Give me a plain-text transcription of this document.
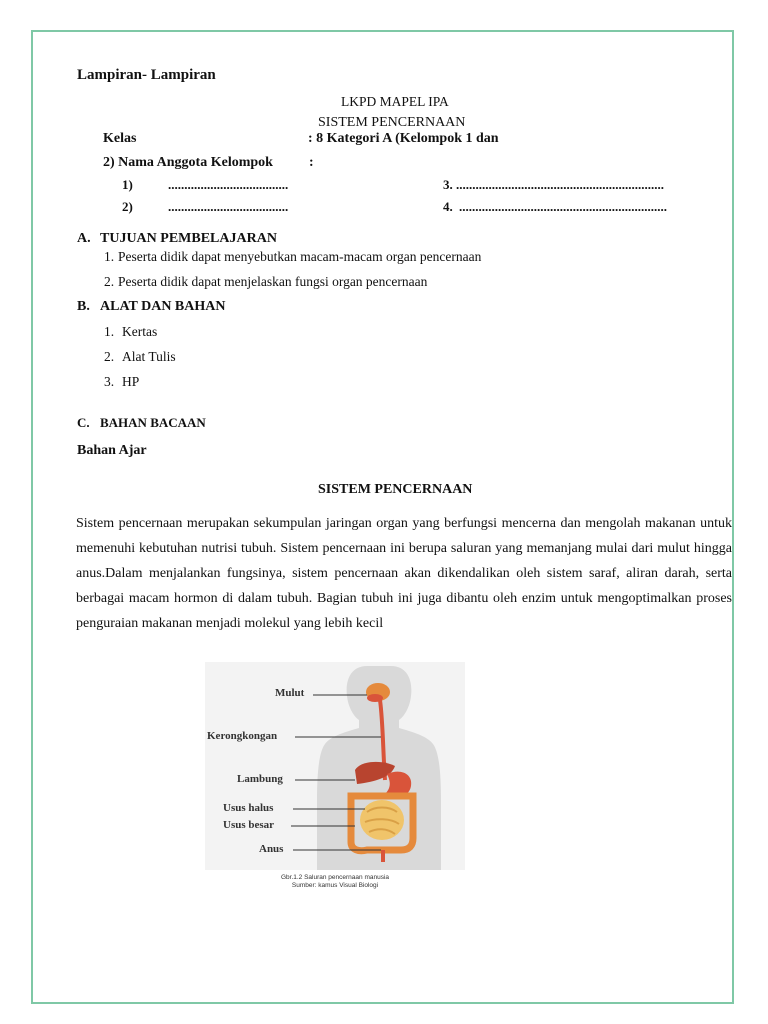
Lampiran- Lampiran
LKPD MAPEL IPA
SISTEM PENCERNAAN
Kelas	: 8 Kategori A (Kelompok 1 dan
2) Nama Anggota Kelompok	:
1)	.....................................	3. ................................................................
2)	.....................................	4. ................................................................
A. TUJUAN PEMBELAJARAN
1. Peserta didik dapat menyebutkan macam-macam organ pencernaan
2. Peserta didik dapat menjelaskan fungsi organ pencernaan
B. ALAT DAN BAHAN
1. Kertas
2. Alat Tulis
3. HP
C. BAHAN BACAAN
Bahan Ajar
SISTEM PENCERNAAN

Sistem pencernaan merupakan sekumpulan jaringan organ yang berfungsi mencerna dan mengolah makanan untuk memenuhi kebutuhan nutrisi tubuh. Sistem pencernaan ini berupa saluran yang memanjang mulai dari mulut hingga anus.Dalam menjalankan fungsinya, sistem pencernaan akan dikendalikan oleh sistem saraf, aliran darah, serta berbagai macam hormon di dalam tubuh. Bagian tubuh ini juga dibantu oleh enzim untuk mengoptimalkan proses penguraian makanan menjadi molekul yang lebih kecil

Mulut
Kerongkongan
Lambung
Usus halus
Usus besar
Anus
Gbr.1.2 Saluran pencernaan manusia
Sumber: kamus Visual Biologi
